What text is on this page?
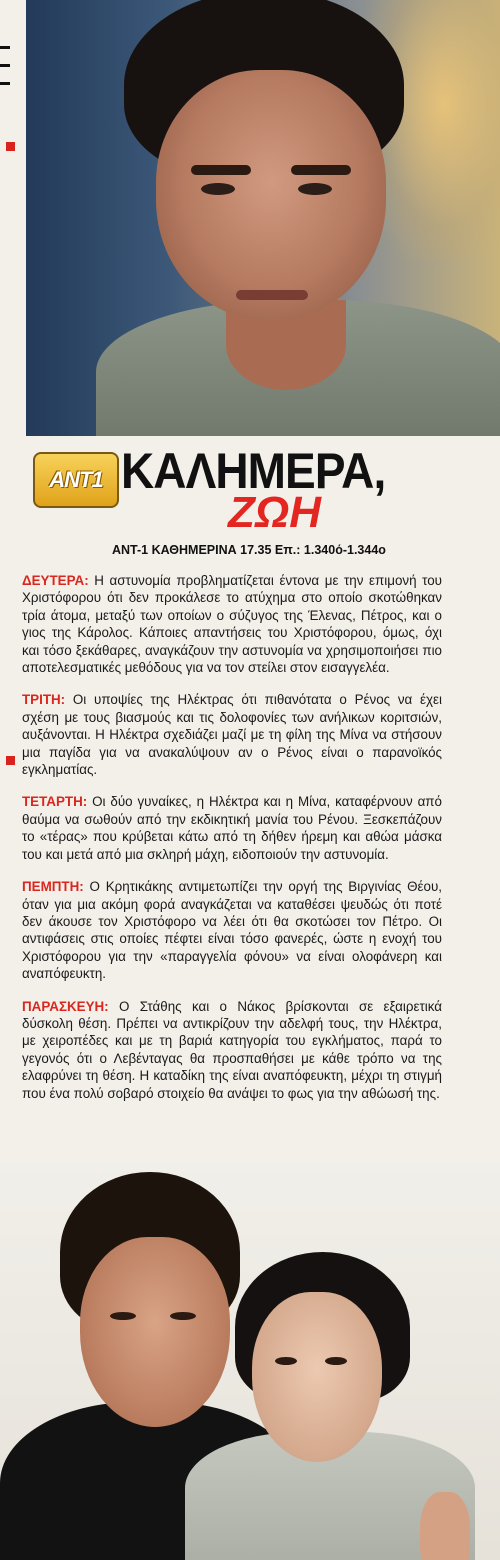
ANT1 ΚΑΛΗΜΕΡΑ,
ΖΩΗ
ΑΝΤ-1 ΚΑΘΗΜΕΡΙΝΑ 17.35 Επ.: 1.340ό-1.344ο

ΔΕΥΤΕΡΑ: Η αστυνομία προβληματίζεται έντονα με την επιμονή του Χριστόφορου ότι δεν προκάλεσε το ατύχημα στο οποίο σκοτώθηκαν τρία άτομα, μεταξύ των οποίων ο σύζυγος της Έλενας, Πέτρος, και ο γιος της Κάρολος. Κάποιες απαντήσεις του Χριστόφορου, όμως, όχι και τόσο ξεκάθαρες, αναγκάζουν την αστυνομία να χρησιμοποιήσει πιο αποτελεσματικές μεθόδους για να τον στείλει στον εισαγγελέα.

ΤΡΙΤΗ: Οι υποψίες της Ηλέκτρας ότι πιθανότατα ο Ρένος να έχει σχέση με τους βιασμούς και τις δολοφονίες των ανήλικων κοριτσιών, αυξάνονται. Η Ηλέκτρα σχεδιάζει μαζί με τη φίλη της Μίνα να στήσουν μια παγίδα για να ανακαλύψουν αν ο Ρένος είναι ο παρανοϊκός εγκληματίας.

ΤΕΤΑΡΤΗ: Οι δύο γυναίκες, η Ηλέκτρα και η Μίνα, καταφέρνουν από θαύμα να σωθούν από την εκδικητική μανία του Ρένου. Ξεσκεπάζουν το «τέρας» που κρύβεται κάτω από τη δήθεν ήρεμη και αθώα μάσκα του και μετά από μια σκληρή μάχη, ειδοποιούν την αστυνομία.

ΠΕΜΠΤΗ: Ο Κρητικάκης αντιμετωπίζει την οργή της Βιργινίας Θέου, όταν για μια ακόμη φορά αναγκάζεται να καταθέσει ψευδώς ότι ποτέ δεν άκουσε τον Χριστόφορο να λέει ότι θα σκοτώσει τον Πέτρο. Οι αντιφάσεις στις οποίες πέφτει είναι τόσο φανερές, ώστε η ενοχή του Χριστόφορου για την «παραγγελία φόνου» να είναι ολοφάνερη και αναπόφευκτη.

ΠΑΡΑΣΚΕΥΗ: Ο Στάθης και ο Νάκος βρίσκονται σε εξαιρετικά δύσκολη θέση. Πρέπει να αντικρίζουν την αδελφή τους, την Ηλέκτρα, με χειροπέδες και με τη βαριά κατηγορία του εγκλήματος, παρά το γεγονός ότι ο Λεβένταγας θα προσπαθήσει με κάθε τρόπο να της ελαφρύνει τη θέση. Η καταδίκη της είναι αναπόφευκτη, μέχρι τη στιγμή που ένα πολύ σοβαρό στοιχείο θα ανάψει το φως για την αθώωσή της.
